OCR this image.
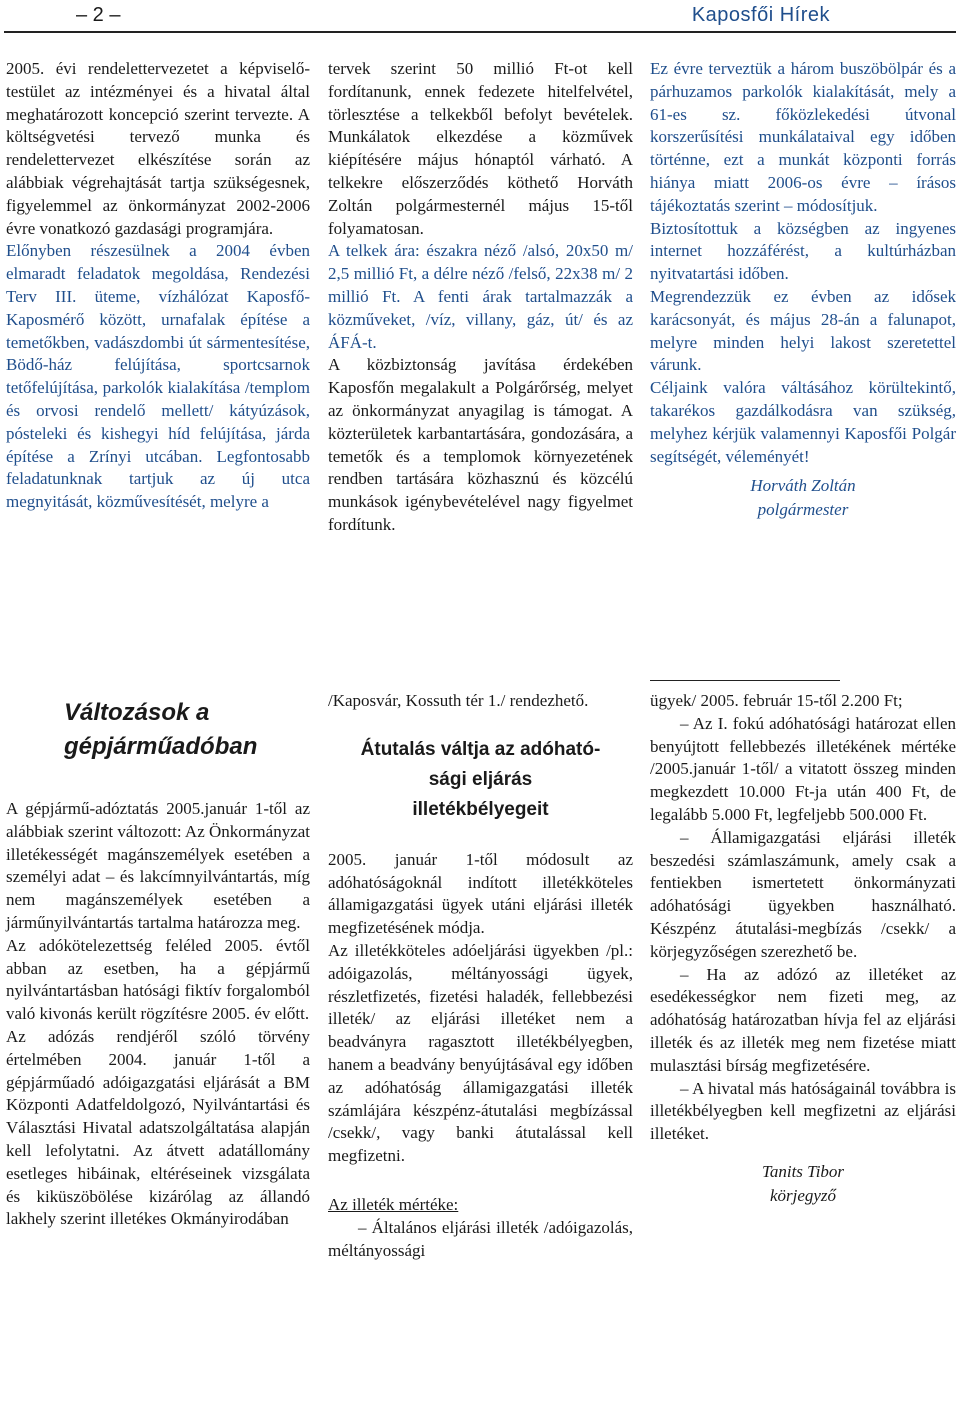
– 2 –	Kaposfői Hírek

2005. évi rendelettervezetet a képviselő-testület az intézményei és a hivatal által meghatározott koncepció szerint tervezte. A költségvetési tervező munka és rendelettervezet elkészítése során az alábbiak végrehajtását tartja szükségesnek, figyelemmel az önkormányzat 2002-2006 évre vonatkozó gazdasági programjára.

Előnyben részesülnek a 2004 évben elmaradt feladatok megoldása, Rendezési Terv III. üteme, vízhálózat Kaposfő-Kaposmérő között, urnafalak építése a temetőkben, vadászdombi út sármentesítése, Bödő-ház felújítása, sportcsarnok tetőfelújítása, parkolók kialakítása /templom és orvosi rendelő mellett/ kátyúzások, pósteleki és kishegyi híd felújítása, járda építése a Zrínyi utcában. Legfontosabb feladatunknak tartjuk az új utca megnyitását, közművesítését, melyre a

tervek szerint 50 millió Ft-ot kell fordítanunk, ennek fedezete hitelfelvétel, törlesztése a telkekből befolyt bevételek. Munkálatok elkezdése a közművek kiépítésére május hónaptól várható. A telkekre előszerződés köthető Horváth Zoltán polgármesternél május 15-től folyamatosan.

A telkek ára: északra néző /alsó, 20x50 m/ 2,5 millió Ft, a délre néző /felső, 22x38 m/ 2 millió Ft. A fenti árak tartalmazzák a közműveket, /víz, villany, gáz, út/ és az ÁFÁ-t.

A közbiztonság javítása érdekében Kaposfőn megalakult a Polgárőrség, melyet az önkormányzat anyagilag is támogat. A közterületek karbantartására, gondozására, a temetők és a templomok környezetének rendben tartására közhasznú és közcélú munkások igénybevételével nagy figyelmet fordítunk.

Ez évre terveztük a három buszöbölpár és a párhuzamos parkolók kialakítását, mely a 61-es sz. főközlekedési útvonal korszerűsítési munkálataival egy időben történne, ezt a munkát központi forrás hiánya miatt 2006-os évre – írásos tájékoztatás szerint – módosítjuk.

Biztosítottuk a községben az ingyenes internet hozzáférést, a kultúrházban nyitvatartási időben.

Megrendezzük ez évben az idősek karácsonyát, és május 28-án a falunapot, melyre minden helyi lakost szeretettel várunk.

Céljaink valóra váltásához körültekintő, takarékos gazdálkodásra van szükség, melyhez kérjük valamennyi Kaposfői Polgár segítségét, véleményét!

Horváth Zoltán
polgármester

Változások a
gépjárműadóban

A gépjármű-adóztatás 2005.január 1-től az alábbiak szerint változott: Az Önkormányzat illetékességét magánszemélyek esetében a személyi adat – és lakcímnyilvántartás, míg nem magánszemélyek esetében a járműnyilvántartás tartalma határozza meg.

Az adókötelezettség feléled 2005. évtől abban az esetben, ha a gépjármű nyilvántartásban hatósági fiktív forgalomból való kivonás került rögzítésre 2005. év előtt.

Az adózás rendjéről szóló törvény értelmében 2004. január 1-től a gépjárműadó adóigazgatási eljárását a BM Központi Adatfeldolgozó, Nyilvántartási és Választási Hivatal adatszolgáltatása alapján kell lefolytatni. Az átvett adatállomány esetleges hibáinak, eltéréseinek vizsgálata és kiküszöbölése kizárólag az állandó lakhely szerint illetékes Okmányirodában

/Kaposvár, Kossuth tér 1./ rendezhető.

Átutalás váltja az adóható-
sági eljárás
illetékbélyegeit

2005. január 1-től módosult az adóhatóságoknál indított illetékköteles államigazgatási ügyek utáni eljárási illeték megfizetésének módja.

Az illetékköteles adóeljárási ügyekben /pl.: adóigazolás, méltányossági ügyek, részletfizetés, fizetési haladék, fellebbezési illeték/ az eljárási illetéket nem a beadványra ragasztott illetékbélyegben, hanem a beadvány benyújtásával egy időben az adóhatóság államigazgatási illeték számlájára készpénz-átutalási megbízással /csekk/, vagy banki átutalással kell megfizetni.

Az illeték mértéke:

– Általános eljárási illeték /adóigazolás, méltányossági

ügyek/ 2005. február 15-től 2.200 Ft;

– Az I. fokú adóhatósági határozat ellen benyújtott fellebbezés illetékének mértéke /2005.január 1-től/ a vitatott összeg minden megkezdett 10.000 Ft-ja után 400 Ft, de legalább 5.000 Ft, legfeljebb 500.000 Ft.

– Államigazgatási eljárási illeték beszedési számlaszámunk, amely csak a fentiekben ismertetett önkormányzati adóhatósági ügyekben használható. Készpénz átutalási-megbízás /csekk/ a körjegyzőségen szerezhető be.

– Ha az adózó az illetéket az esedékességkor nem fizeti meg, az adóhatóság határozatban hívja fel az eljárási illeték és az illeték meg nem fizetése miatt mulasztási bírság megfizetésére.

– A hivatal más hatóságainál továbbra is illetékbélyegben kell megfizetni az eljárási illetéket.

Tanits Tibor
körjegyző
